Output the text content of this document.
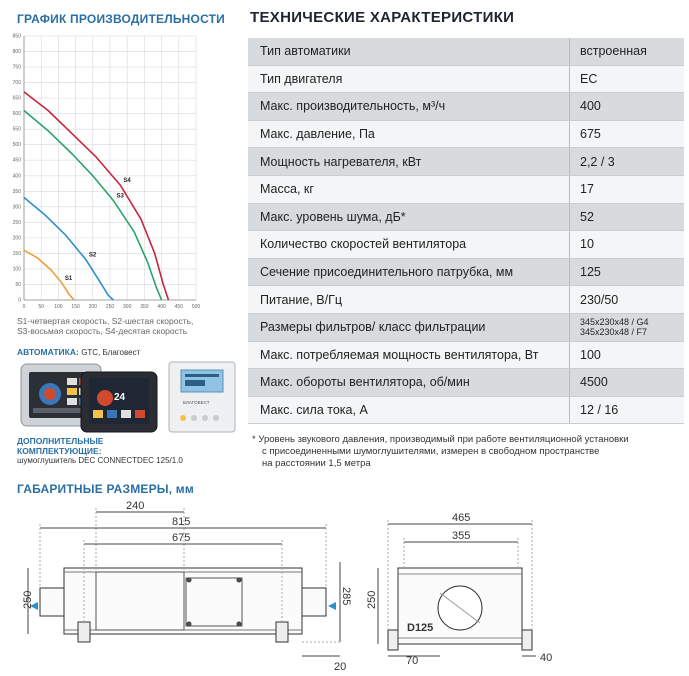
ГРАФИК ПРОИЗВОДИТЕЛЬНОСТИ ТЕХНИЧЕСКИЕ ХАРАКТЕРИСТИКИ
0
50
100
150
200
250
300
350
400
450
500
550
600
650
700
750
800
850
0	50 100 150 200 250 300 350 400 450 500
S1
S2
S3
S4
S1-четвертая скорость, S2-шестая скорость,
S3-восьмая скорость, S4-десятая скорость
АВТОМАТИКА: GTC, Благовест
24	БЛАГОВЕСТ
ДОПОЛНИТЕЛЬНЫЕ
КОМПЛЕКТУЮЩИЕ:
шумоглушитель DEC CONNECTDEC 125/1.0
Тип автоматики	встроенная
Тип двигателя	EC
Макс. производительность, м³/ч	400
Макс. давление, Па	675
Мощность нагревателя, кВт	2,2 / 3
Масса, кг	17
Макс. уровень шума, дБ*	52
Количество скоростей вентилятора	10
Сечение присоединительного патрубка, мм	125
Питание, В/Гц	230/50
Размеры фильтров/ класс фильтрации	345x230x48 / G4
345x230x48 / F7

Макс. потребляемая мощность вентилятора, Вт	100
Макс. обороты вентилятора, об/мин	4500
Макс. сила тока, А	12 / 16
* Уровень звукового давления, производимый при работе вентиляционной установки
с присоединенными шумоглушителями, измерен в свободном пространстве
на расстоянии 1,5 метра
ГАБАРИТНЫЕ РАЗМЕРЫ, мм
240
815
675
250	285
20
465
355
250
D125
70	40
